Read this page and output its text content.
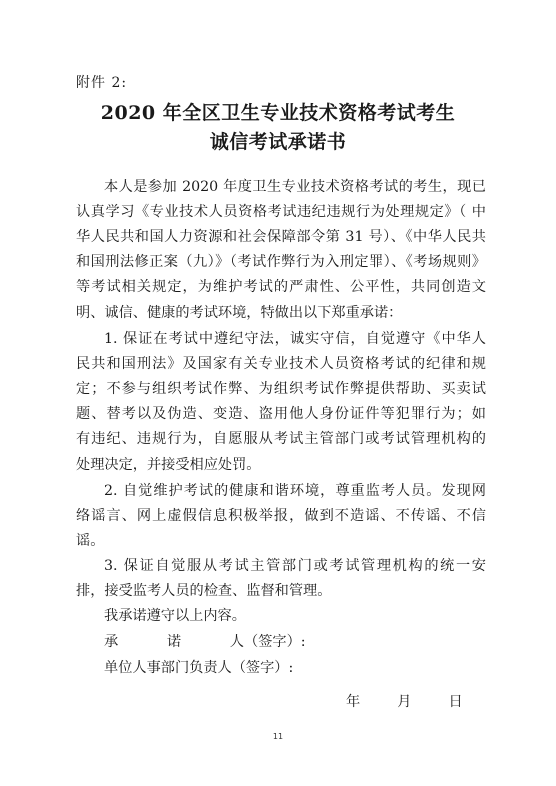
附件 2:
2020 年全区卫生专业技术资格考试考生
诚信考试承诺书
本人是参加 2020 年度卫生专业技术资格考试的考生，现已
认真学习《专业技术人员资格考试违纪违规行为处理规定》（ 中
华人民共和国人力资源和社会保障部令第 31 号）、《中华人民共
和国刑法修正案（九）》（考试作弊行为入刑定罪）、《考场规则》
等考试相关规定，为维护考试的严肃性、公平性，共同创造文
明、诚信、健康的考试环境，特做出以下郑重承诺：
1. 保证在考试中遵纪守法，诚实守信，自觉遵守《中华人
民共和国刑法》及国家有关专业技术人员资格考试的纪律和规
定；不参与组织考试作弊、为组织考试作弊提供帮助、买卖试
题、替考以及伪造、变造、盗用他人身份证件等犯罪行为；如
有违纪、违规行为，自愿服从考试主管部门或考试管理机构的
处理决定，并接受相应处罚。
2. 自觉维护考试的健康和谐环境，尊重监考人员。发现网
络谣言、网上虚假信息积极举报，做到不造谣、不传谣、不信
谣。
3. 保证自觉服从考试主管部门或考试管理机构的统一安
排，接受监考人员的检查、监督和管理。
我承诺遵守以上内容。
年	月	日
11
承诺人（签字）:
单位人事部门负责人（签字）:
